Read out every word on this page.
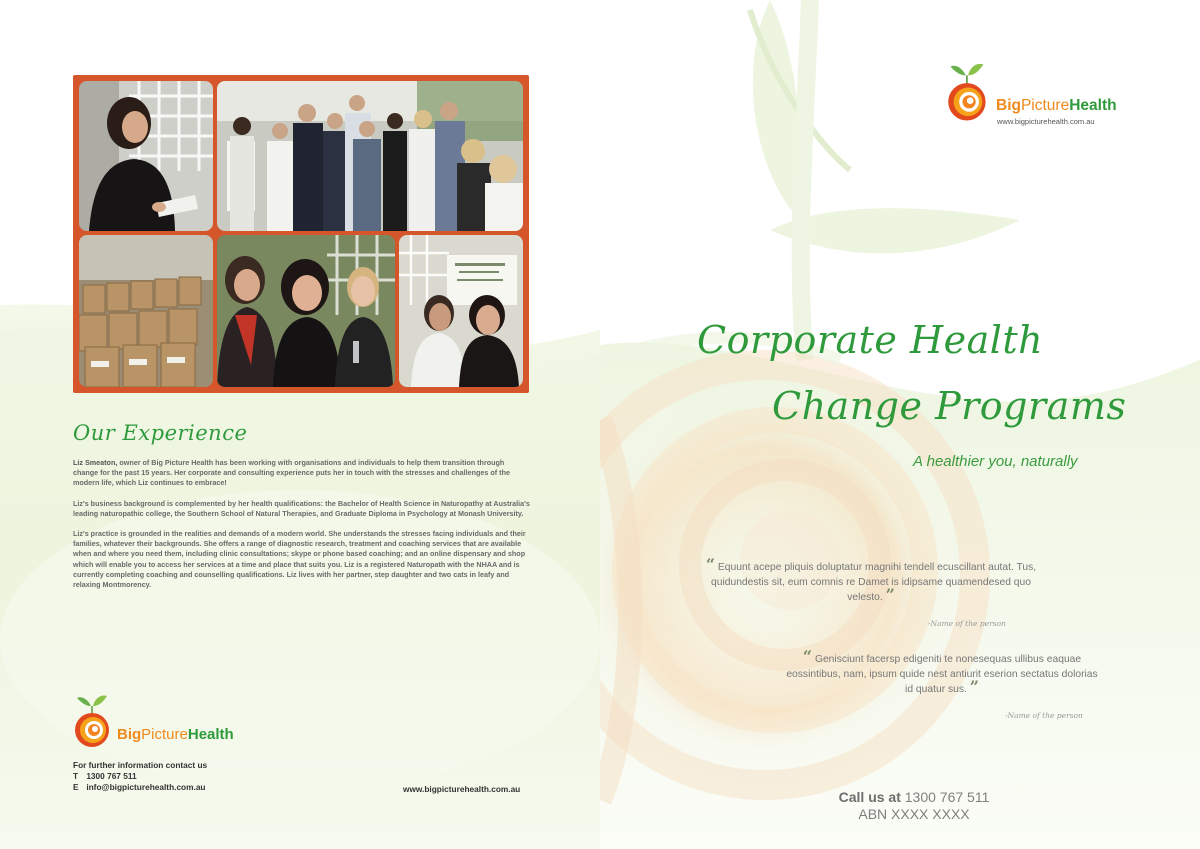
Our Experience

Liz Smeaton, owner of Big Picture Health has been working with organisations and individuals to help them transition through change for the past 15 years. Her corporate and consulting experience puts her in touch with the stresses and challenges of the modern life, which Liz continues to embrace!

Liz's business background is complemented by her health qualifications: the Bachelor of Health Science in Naturopathy at Australia's leading naturopathic college, the Southern School of Natural Therapies, and Graduate Diploma in Psychology at Monash University.

Liz's practice is grounded in the realities and demands of a modern world. She understands the stresses facing individuals and their families, whatever their backgrounds. She offers a range of diagnostic research, treatment and coaching services that are available when and where you need them, including clinic consultations; skype or phone based coaching; and an online dispensary and shop which will enable you to access her services at a time and place that suits you. Liz is a registered Naturopath with the NHAA and is currently completing coaching and counselling qualifications. Liz lives with her partner, step daughter and two cats in leafy and relaxing Montmorency.

BigPictureHealth
For further information contact us
T 1300 767 511
E info@bigpicturehealth.com.au	www.bigpicturehealth.com.au
BigPictureHealth
www.bigpicturehealth.com.au
Corporate Health
Change Programs
A healthier you, naturally
“ Equunt acepe pliquis doluptatur magnihi tendell ecuscillant autat. Tus, quidundestis sit, eum comnis re Damet is idipsame quamendesed quo velesto. ”
-Name of the person
“ Genisciunt facersp edigeniti te nonesequas ullibus eaquae eossintibus, nam, ipsum quide nest antiurit eserion sectatus dolorias id quatur sus. ”
-Name of the person
Call us at 1300 767 511
ABN XXXX XXXX
